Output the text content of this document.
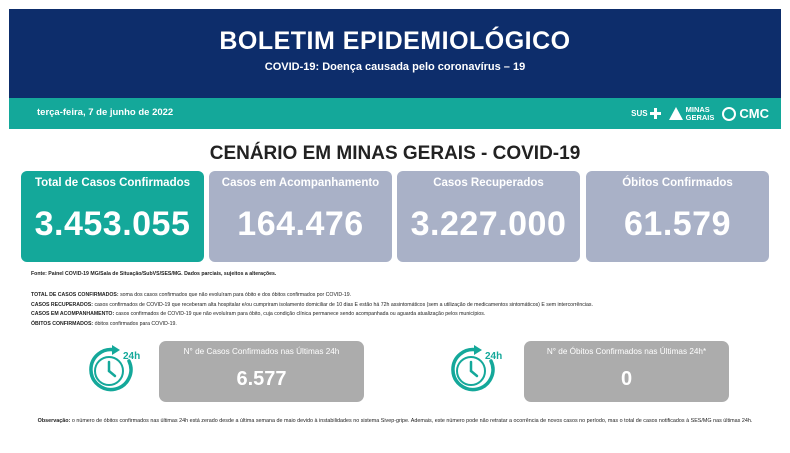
BOLETIM EPIDEMIOLÓGICO
COVID-19: Doença causada pelo coronavírus – 19
terça-feira, 7 de junho de 2022	SUS	MINAS
GERAIS CMC
CENÁRIO EM MINAS GERAIS - COVID-19
Total de Casos Confirmados
3.453.055
Casos em Acompanhamento
164.476
Casos Recuperados
3.227.000
Óbitos Confirmados
61.579
Fonte: Painel COVID-19 MG/Sala de Situação/SubVS/SES/MG. Dados parciais, sujeitos a alterações.
TOTAL DE CASOS CONFIRMADOS: soma dos casos confirmados que não evoluíram para óbito e dos óbitos confirmados por COVID-19.
CASOS RECUPERADOS: casos confirmados de COVID-19 que receberam alta hospitalar e/ou cumpriram isolamento domiciliar de 10 dias E estão há 72h assintomáticos (sem a utilização de medicamentos sintomáticos) E sem intercorrências.
CASOS EM ACOMPANHAMENTO: casos confirmados de COVID-19 que não evoluíram para óbito, cuja condição clínica permanece sendo acompanhada ou aguarda atualização pelos municípios.
ÓBITOS CONFIRMADOS: óbitos confirmados para COVID-19.
24h	N° de Casos Confirmados nas Últimas 24h
6.577
24h	N° de Óbitos Confirmados nas Últimas 24h*
0
Observação: o número de óbitos confirmados nas últimas 24h está zerado desde a última semana de maio devido à instabilidades no sistema Sivep-gripe. Ademais, este número pode não retratar a ocorrência de novos casos no período, mas o total de casos notificados à SES/MG nas últimas 24h.
